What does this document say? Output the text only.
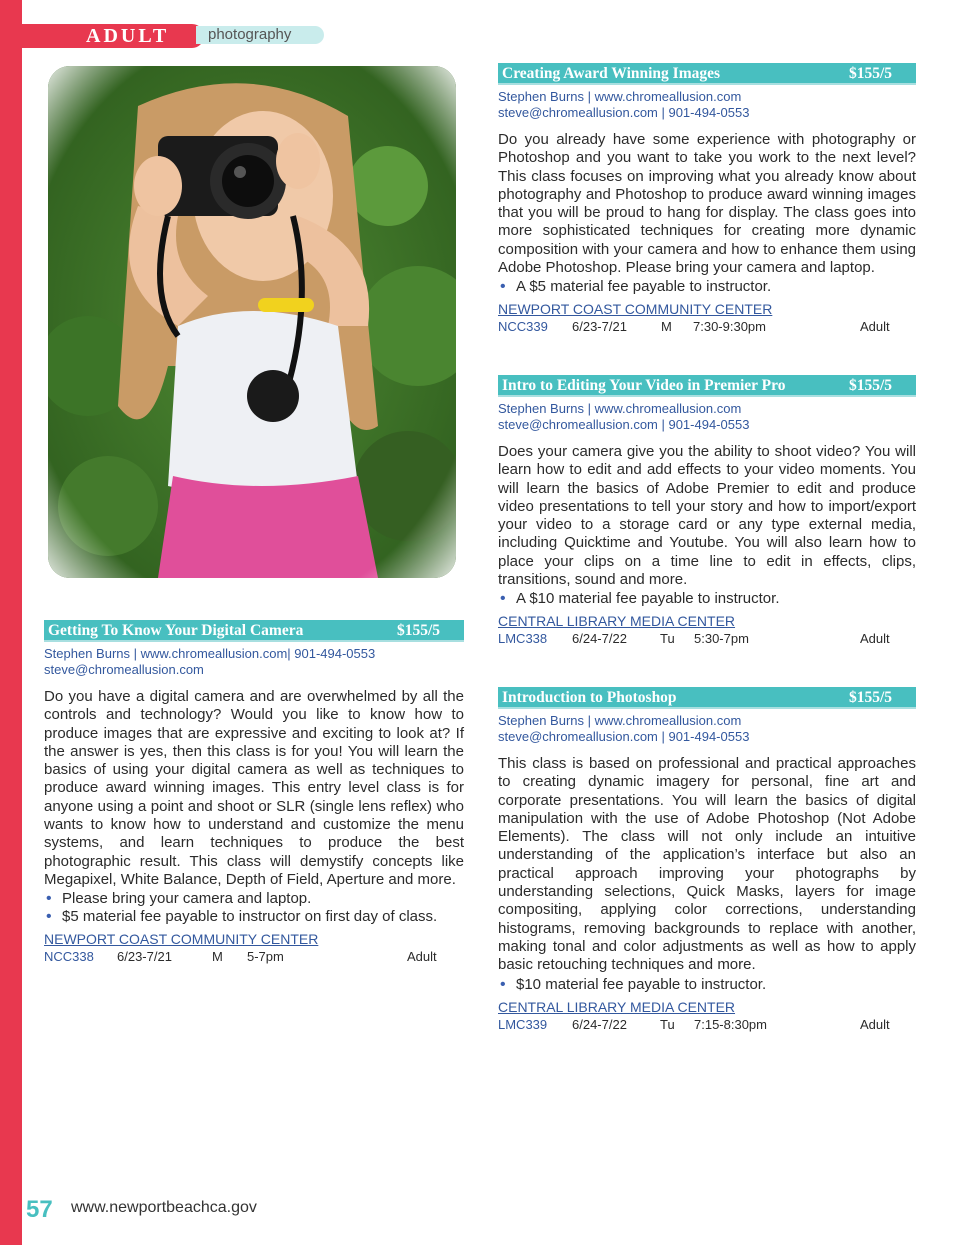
ADULT	photography
Getting To Know Your Digital Camera	$155/5
Stephen Burns | www.chromeallusion.com| 901-494-0553
steve@chromeallusion.com

Do you have a digital camera and are overwhelmed by all the controls and technology? Would you like to know how to produce images that are expressive and exciting to look at? If the answer is yes, then this class is for you! You will learn the basics of using your digital camera as well as techniques to produce award winning images. This entry level class is for anyone using a point and shoot or SLR (single lens reflex) who wants to know how to understand and customize the menu systems, and learn techniques to produce the best photographic result. This class will demystify concepts like Megapixel, White Balance, Depth of Field, Aperture and more.

• Please bring your camera and laptop.
• $5 material fee payable to instructor on first day of class.
NEWPORT COAST COMMUNITY CENTER
NCC338	6/23-7/21	M	5-7pm	Adult
Creating Award Winning Images	$155/5
Stephen Burns | www.chromeallusion.com
steve@chromeallusion.com | 901-494-0553

Do you already have some experience with photography or Photoshop and you want to take you work to the next level? This class focuses on improving what you already know about photography and Photoshop to produce award winning images that you will be proud to hang for display. The class goes into more sophisticated techniques for creating more dynamic composition with your camera and how to enhance them using Adobe Photoshop. Please bring your camera and laptop.

• A $5 material fee payable to instructor.
NEWPORT COAST COMMUNITY CENTER
NCC339	6/23-7/21	M	7:30-9:30pm	Adult
Intro to Editing Your Video in Premier Pro	$155/5
Stephen Burns | www.chromeallusion.com
steve@chromeallusion.com | 901-494-0553

Does your camera give you the ability to shoot video? You will learn how to edit and add effects to your video moments. You will learn the basics of Adobe Premier to edit and produce video presentations to tell your story and how to import/export your video to a storage card or any type external media, including Quicktime and Youtube. You will also learn how to place your clips on a time line to edit in effects, clips, transitions, sound and more.

• A $10 material fee payable to instructor.
CENTRAL LIBRARY MEDIA CENTER
LMC338	6/24-7/22	Tu	5:30-7pm	Adult
Introduction to Photoshop	$155/5
Stephen Burns | www.chromeallusion.com
steve@chromeallusion.com | 901-494-0553

This class is based on professional and practical approaches to creating dynamic imagery for personal, fine art and corporate presentations. You will learn the basics of digital manipulation with the use of Adobe Photoshop (Not Adobe Elements). The class will not only include an intuitive understanding of the application’s interface but also an practical approach improving your photographs by understanding selections, Quick Masks, layers for image compositing, applying color corrections, understanding histograms, removing backgrounds to replace with another, making tonal and color adjustments as well as how to apply basic retouching techniques and more.

• $10 material fee payable to instructor.
CENTRAL LIBRARY MEDIA CENTER
LMC339	6/24-7/22	Tu	7:15-8:30pm	Adult
57 www.newportbeachca.gov
